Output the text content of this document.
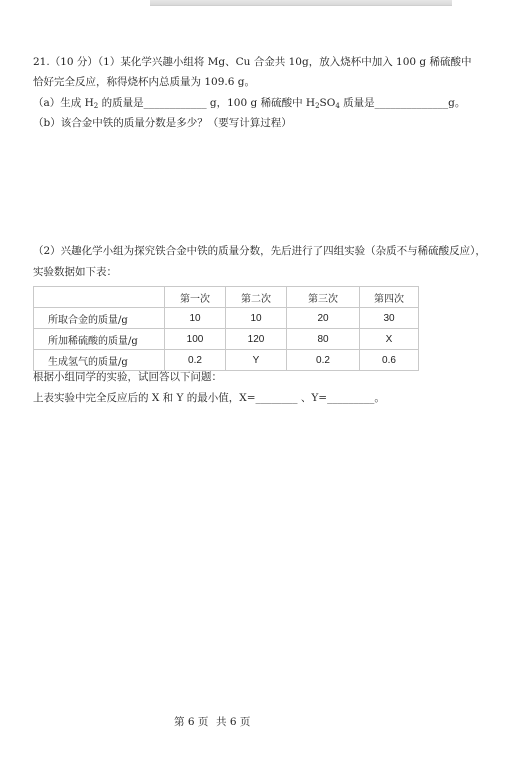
21.（10 分）（1）某化学兴趣小组将 Mg、Cu 合金共 10g，放入烧杯中加入 100 g 稀硫酸中
恰好完全反应，称得烧杯内总质量为 109.6 g。
（a）生成 $H_2$ 的质量是____________ g，100 g 稀硫酸中 $H_2SO_4$ 质量是______________g。
（b）该合金中铁的质量分数是多少？（要写计算过程）
（2）兴趣化学小组为探究铁合金中铁的质量分数，先后进行了四组实验（杂质不与稀硫酸反应），
实验数据如下表：
	第一次	第二次	第三次	第四次
所取合金的质量/g	10	10	20	30
所加稀硫酸的质量/g	100	120	80	X
生成氢气的质量/g	0.2	Y	0.2	0.6
根据小组同学的实验，试回答以下问题：
上表实验中完全反应后的 X 和 Y 的最小值，X=________ 、Y=_________。
第 6 页 共 6 页
